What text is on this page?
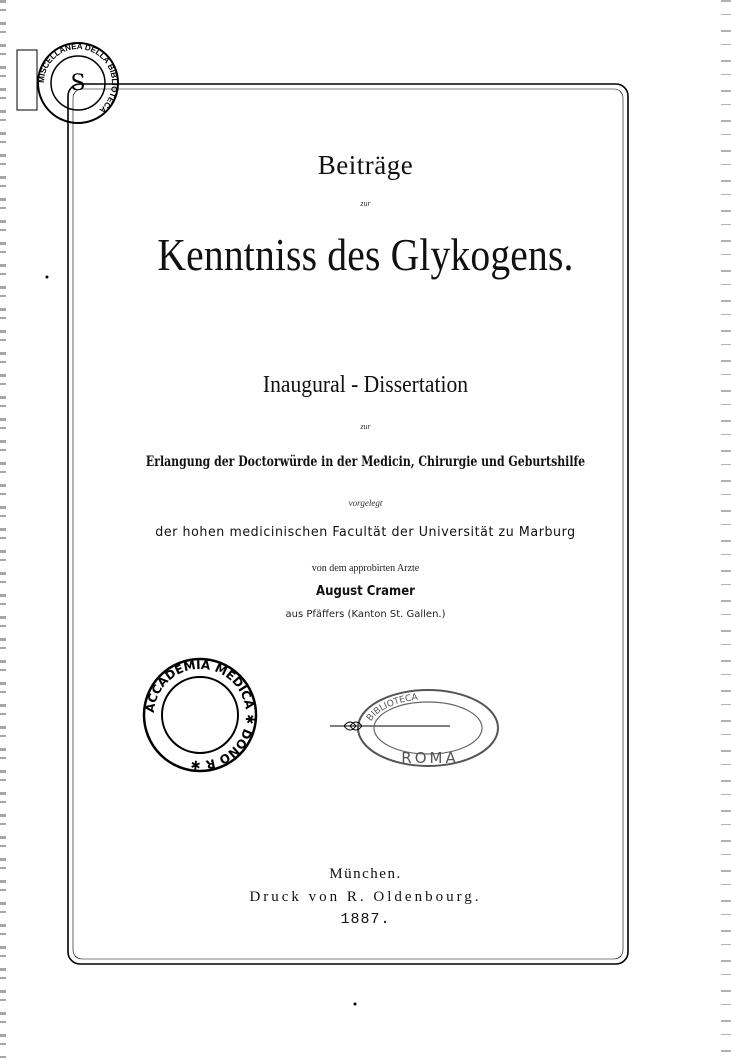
MISCELLANEA DELLA BIBLIOTECA
S
Beiträge
zur
Kenntniss des Glykogens.
Inaugural - Dissertation
zur
Erlangung der Doctorwürde in der Medicin, Chirurgie und Geburtshilfe
vorgelegt
der hohen medicinischen Facultät der Universität zu Marburg
von dem approbirten Arzte
August Cramer
aus Pfäffers (Kanton St. Gallen.)
ACCADEMIA MEDICA ✱ DONO R ✱
BIBLIOTECA
ROMA
München.
Druck von R. Oldenbourg.
1887.
